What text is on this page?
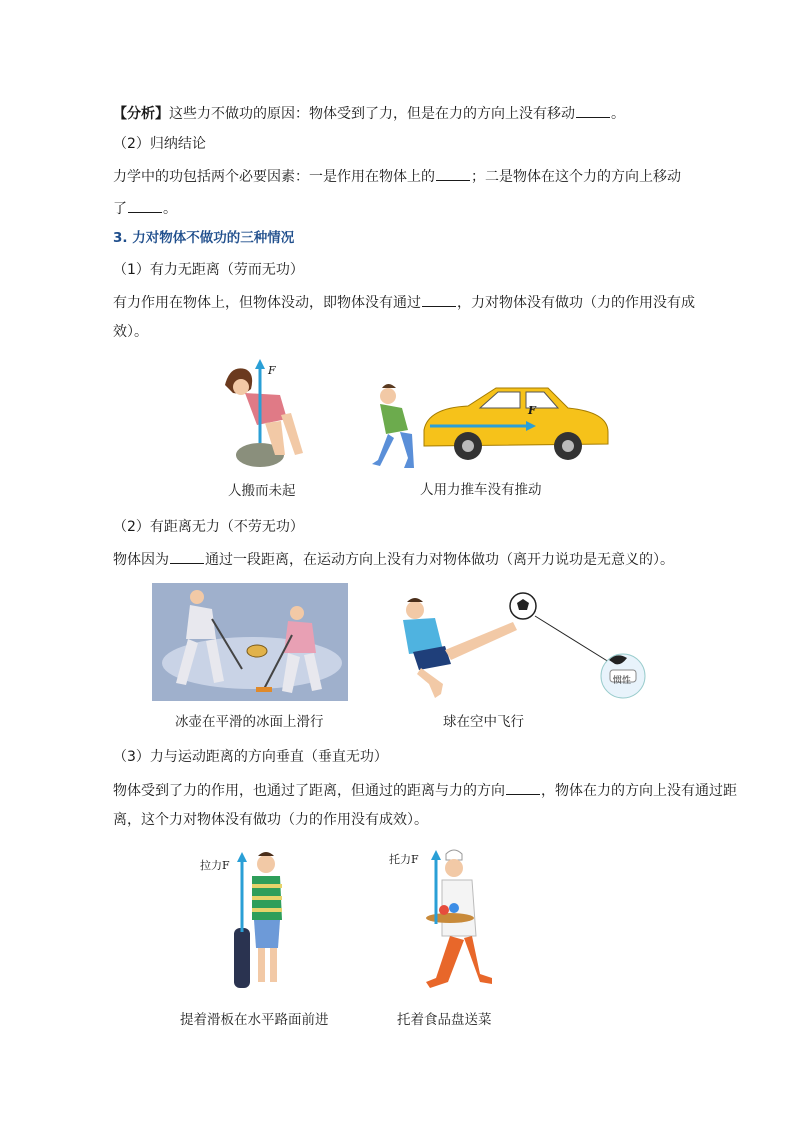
【分析】这些力不做功的原因：物体受到了力，但是在力的方向上没有移动	。
（2）归纳结论
力学中的功包括两个必要因素：一是作用在物体上的	；二是物体在这个力的方向上移动
了	。
3. 力对物体不做功的三种情况
（1）有力无距离（劳而无功）
有力作用在物体上，但物体没动，即物体没有通过	，力对物体没有做功（力的作用没有成
效）。
F
人搬而未起
F
人用力推车没有推动
（2）有距离无力（不劳无功）
物体因为	通过一段距离，在运动方向上没有力对物体做功（离开力说功是无意义的）。
冰壶在平滑的冰面上滑行
惯性
球在空中飞行
（3）力与运动距离的方向垂直（垂直无功）
物体受到了力的作用，也通过了距离，但通过的距离与力的方向	，物体在力的方向上没有通过距
离，这个力对物体没有做功（力的作用没有成效）。
拉力F
提着滑板在水平路面前进
托力F
托着食品盘送菜
